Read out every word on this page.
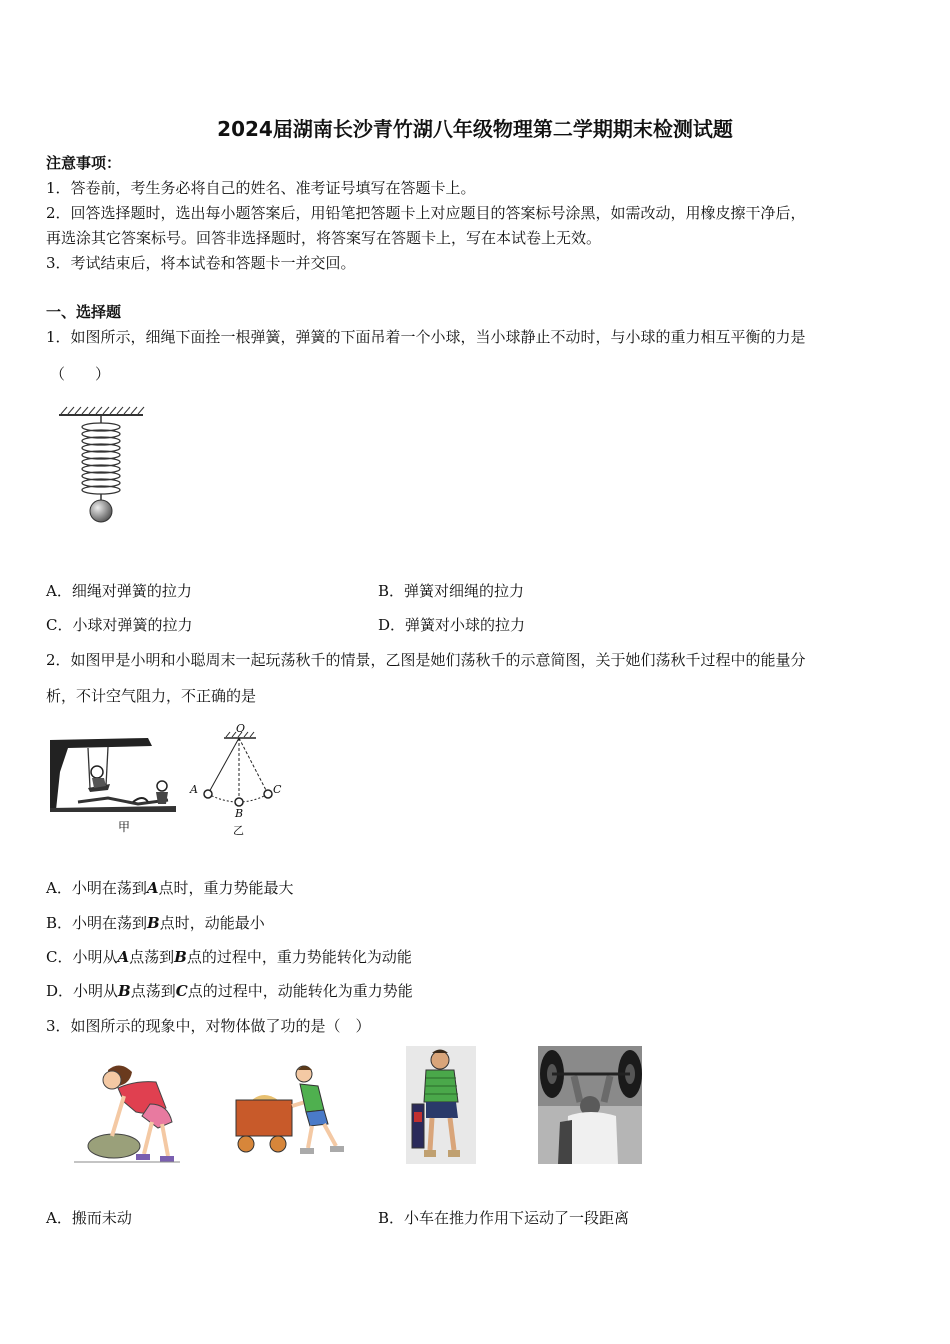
2024届湖南长沙青竹湖八年级物理第二学期期末检测试题
注意事项：
1．答卷前，考生务必将自己的姓名、准考证号填写在答题卡上。
2．回答选择题时，选出每小题答案后，用铅笔把答题卡上对应题目的答案标号涂黑，如需改动，用橡皮擦干净后，
再选涂其它答案标号。回答非选择题时，将答案写在答题卡上，写在本试卷上无效。
3．考试结束后，将本试卷和答题卡一并交回。
一、选择题
1．如图所示，细绳下面拴一根弹簧，弹簧的下面吊着一个小球，当小球静止不动时，与小球的重力相互平衡的力是
（　　）
A．细绳对弹簧的拉力	B．弹簧对细绳的拉力
C．小球对弹簧的拉力	D．弹簧对小球的拉力
2．如图甲是小明和小聪周末一起玩荡秋千的情景，乙图是她们荡秋千的示意简图，关于她们荡秋千过程中的能量分
析，不计空气阻力，不正确的是
甲
O
A
B
C
乙
A．小明在荡到A点时，重力势能最大
B．小明在荡到B点时，动能最小
C．小明从A点荡到B点的过程中，重力势能转化为动能
D．小明从B点荡到C点的过程中，动能转化为重力势能
3．如图所示的现象中，对物体做了功的是（　）
A．搬而未动	B．小车在推力作用下运动了一段距离
